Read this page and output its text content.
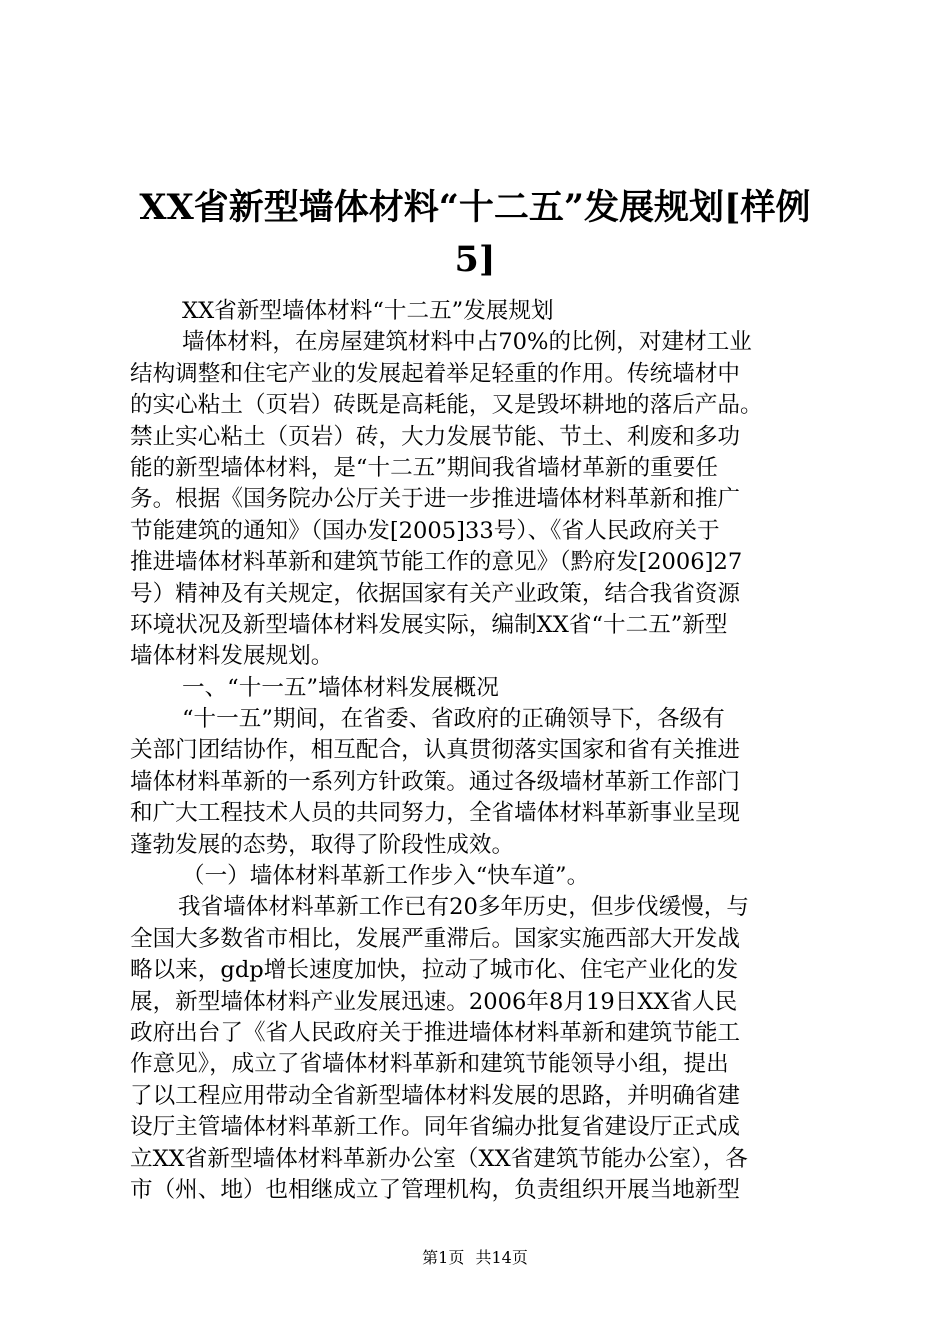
XX省新型墙体材料“十二五”发展规划[样例
5]
XX省新型墙体材料“十二五”发展规划
墙体材料，在房屋建筑材料中占70%的比例，对建材工业
结构调整和住宅产业的发展起着举足轻重的作用。传统墙材中
的实心粘土（页岩）砖既是高耗能，又是毁坏耕地的落后产品。
禁止实心粘土（页岩）砖，大力发展节能、节土、利废和多功
能的新型墙体材料，是“十二五”期间我省墙材革新的重要任
务。根据《国务院办公厅关于进一步推进墙体材料革新和推广
节能建筑的通知》（国办发[2005]33号）、《省人民政府关于
推进墙体材料革新和建筑节能工作的意见》（黔府发[2006]27
号）精神及有关规定，依据国家有关产业政策，结合我省资源
环境状况及新型墙体材料发展实际，编制XX省“十二五”新型
墙体材料发展规划。
一、“十一五”墙体材料发展概况
“十一五”期间，在省委、省政府的正确领导下，各级有
关部门团结协作，相互配合，认真贯彻落实国家和省有关推进
墙体材料革新的一系列方针政策。通过各级墙材革新工作部门
和广大工程技术人员的共同努力，全省墙体材料革新事业呈现
蓬勃发展的态势，取得了阶段性成效。
（一）墙体材料革新工作步入“快车道”。
我省墙体材料革新工作已有20多年历史，但步伐缓慢，与
全国大多数省市相比，发展严重滞后。国家实施西部大开发战
略以来，gdp增长速度加快，拉动了城市化、住宅产业化的发
展，新型墙体材料产业发展迅速。2006年8月19日XX省人民
政府出台了《省人民政府关于推进墙体材料革新和建筑节能工
作意见》，成立了省墙体材料革新和建筑节能领导小组，提出
了以工程应用带动全省新型墙体材料发展的思路，并明确省建
设厅主管墙体材料革新工作。同年省编办批复省建设厅正式成
立XX省新型墙体材料革新办公室（XX省建筑节能办公室），各
市（州、地）也相继成立了管理机构，负责组织开展当地新型
第1页 共14页
